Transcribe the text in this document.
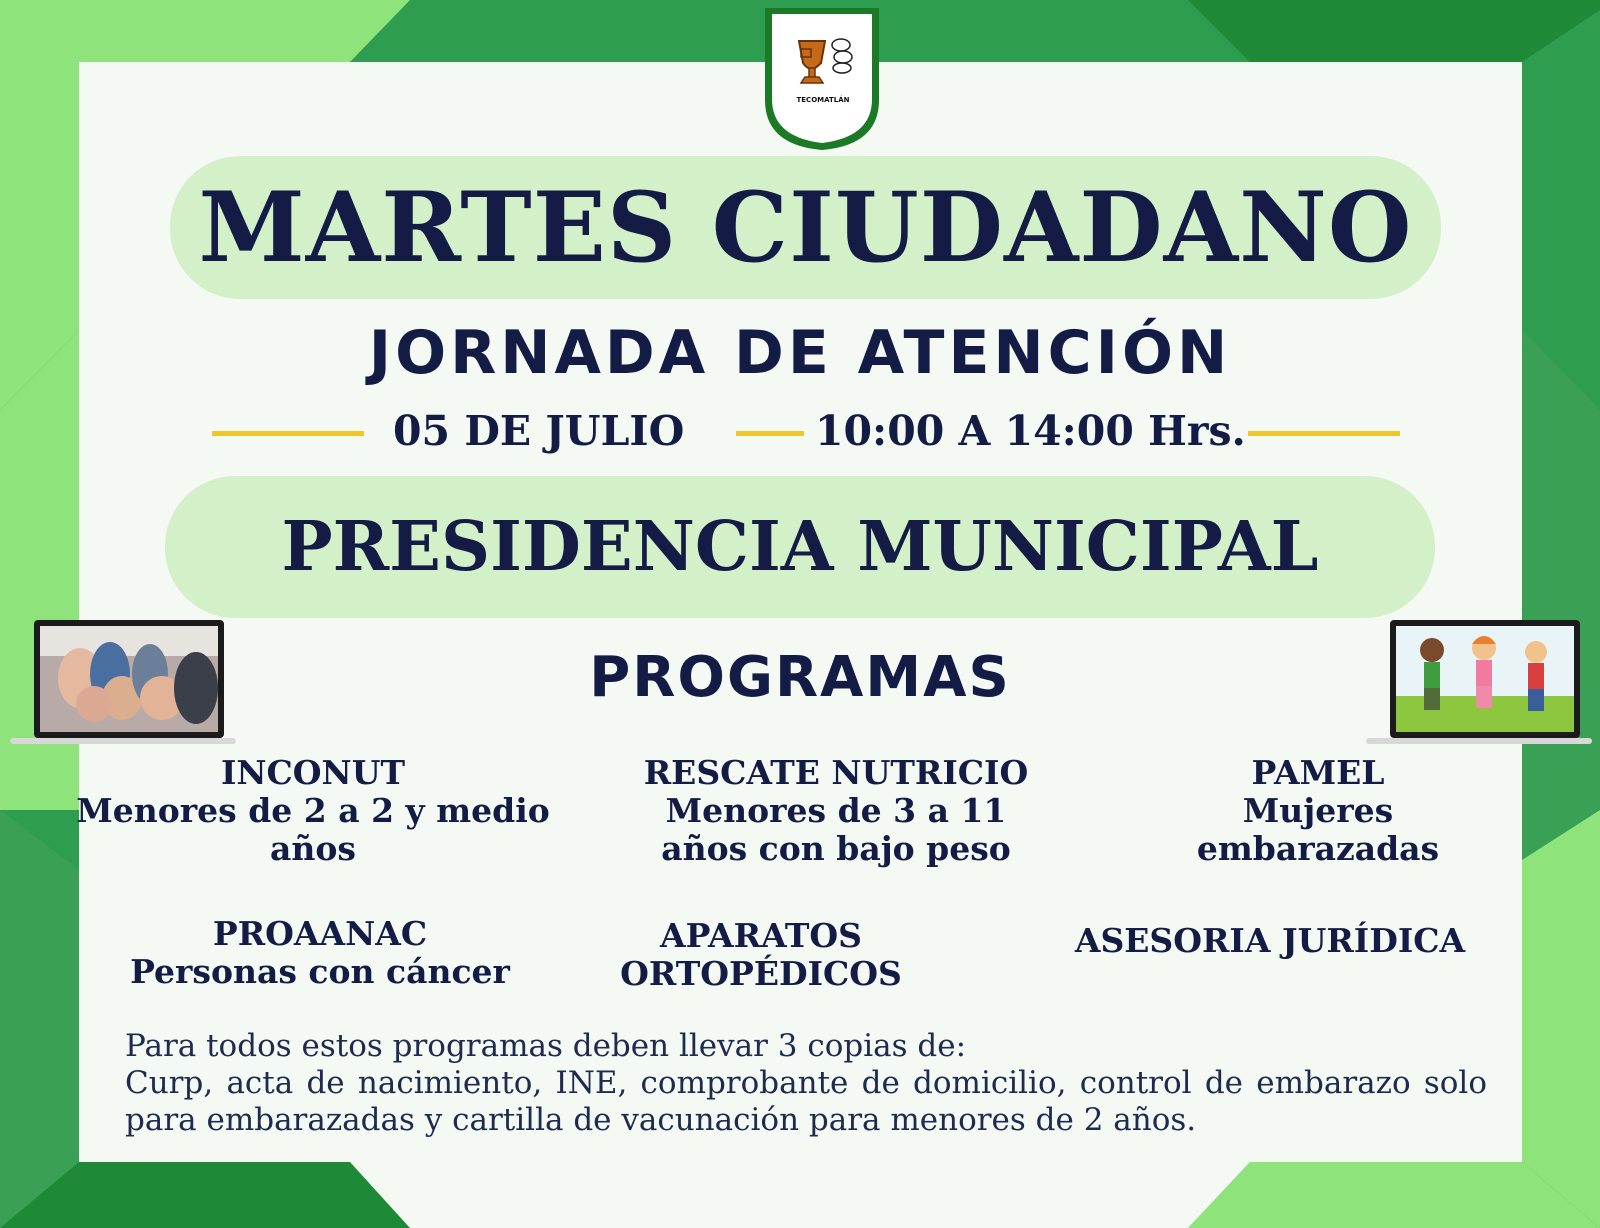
TECOMATLÁN
MARTES CIUDADANO
JORNADA DE ATENCIÓN
05 DE JULIO	10:00 A 14:00 Hrs.
PRESIDENCIA MUNICIPAL
PROGRAMAS
INCONUT
Menores de 2 a 2 y medio años
RESCATE NUTRICIO
Menores de 3 a 11 años con bajo peso
PAMEL
Mujeres embarazadas
PROAANAC
Personas con cáncer
APARATOS ORTOPÉDICOS
ASESORIA JURÍDICA
Para todos estos programas deben llevar 3 copias de:
Curp, acta de nacimiento, INE, comprobante de domicilio, control de embarazo solo para embarazadas y cartilla de vacunación para menores de 2 años.
